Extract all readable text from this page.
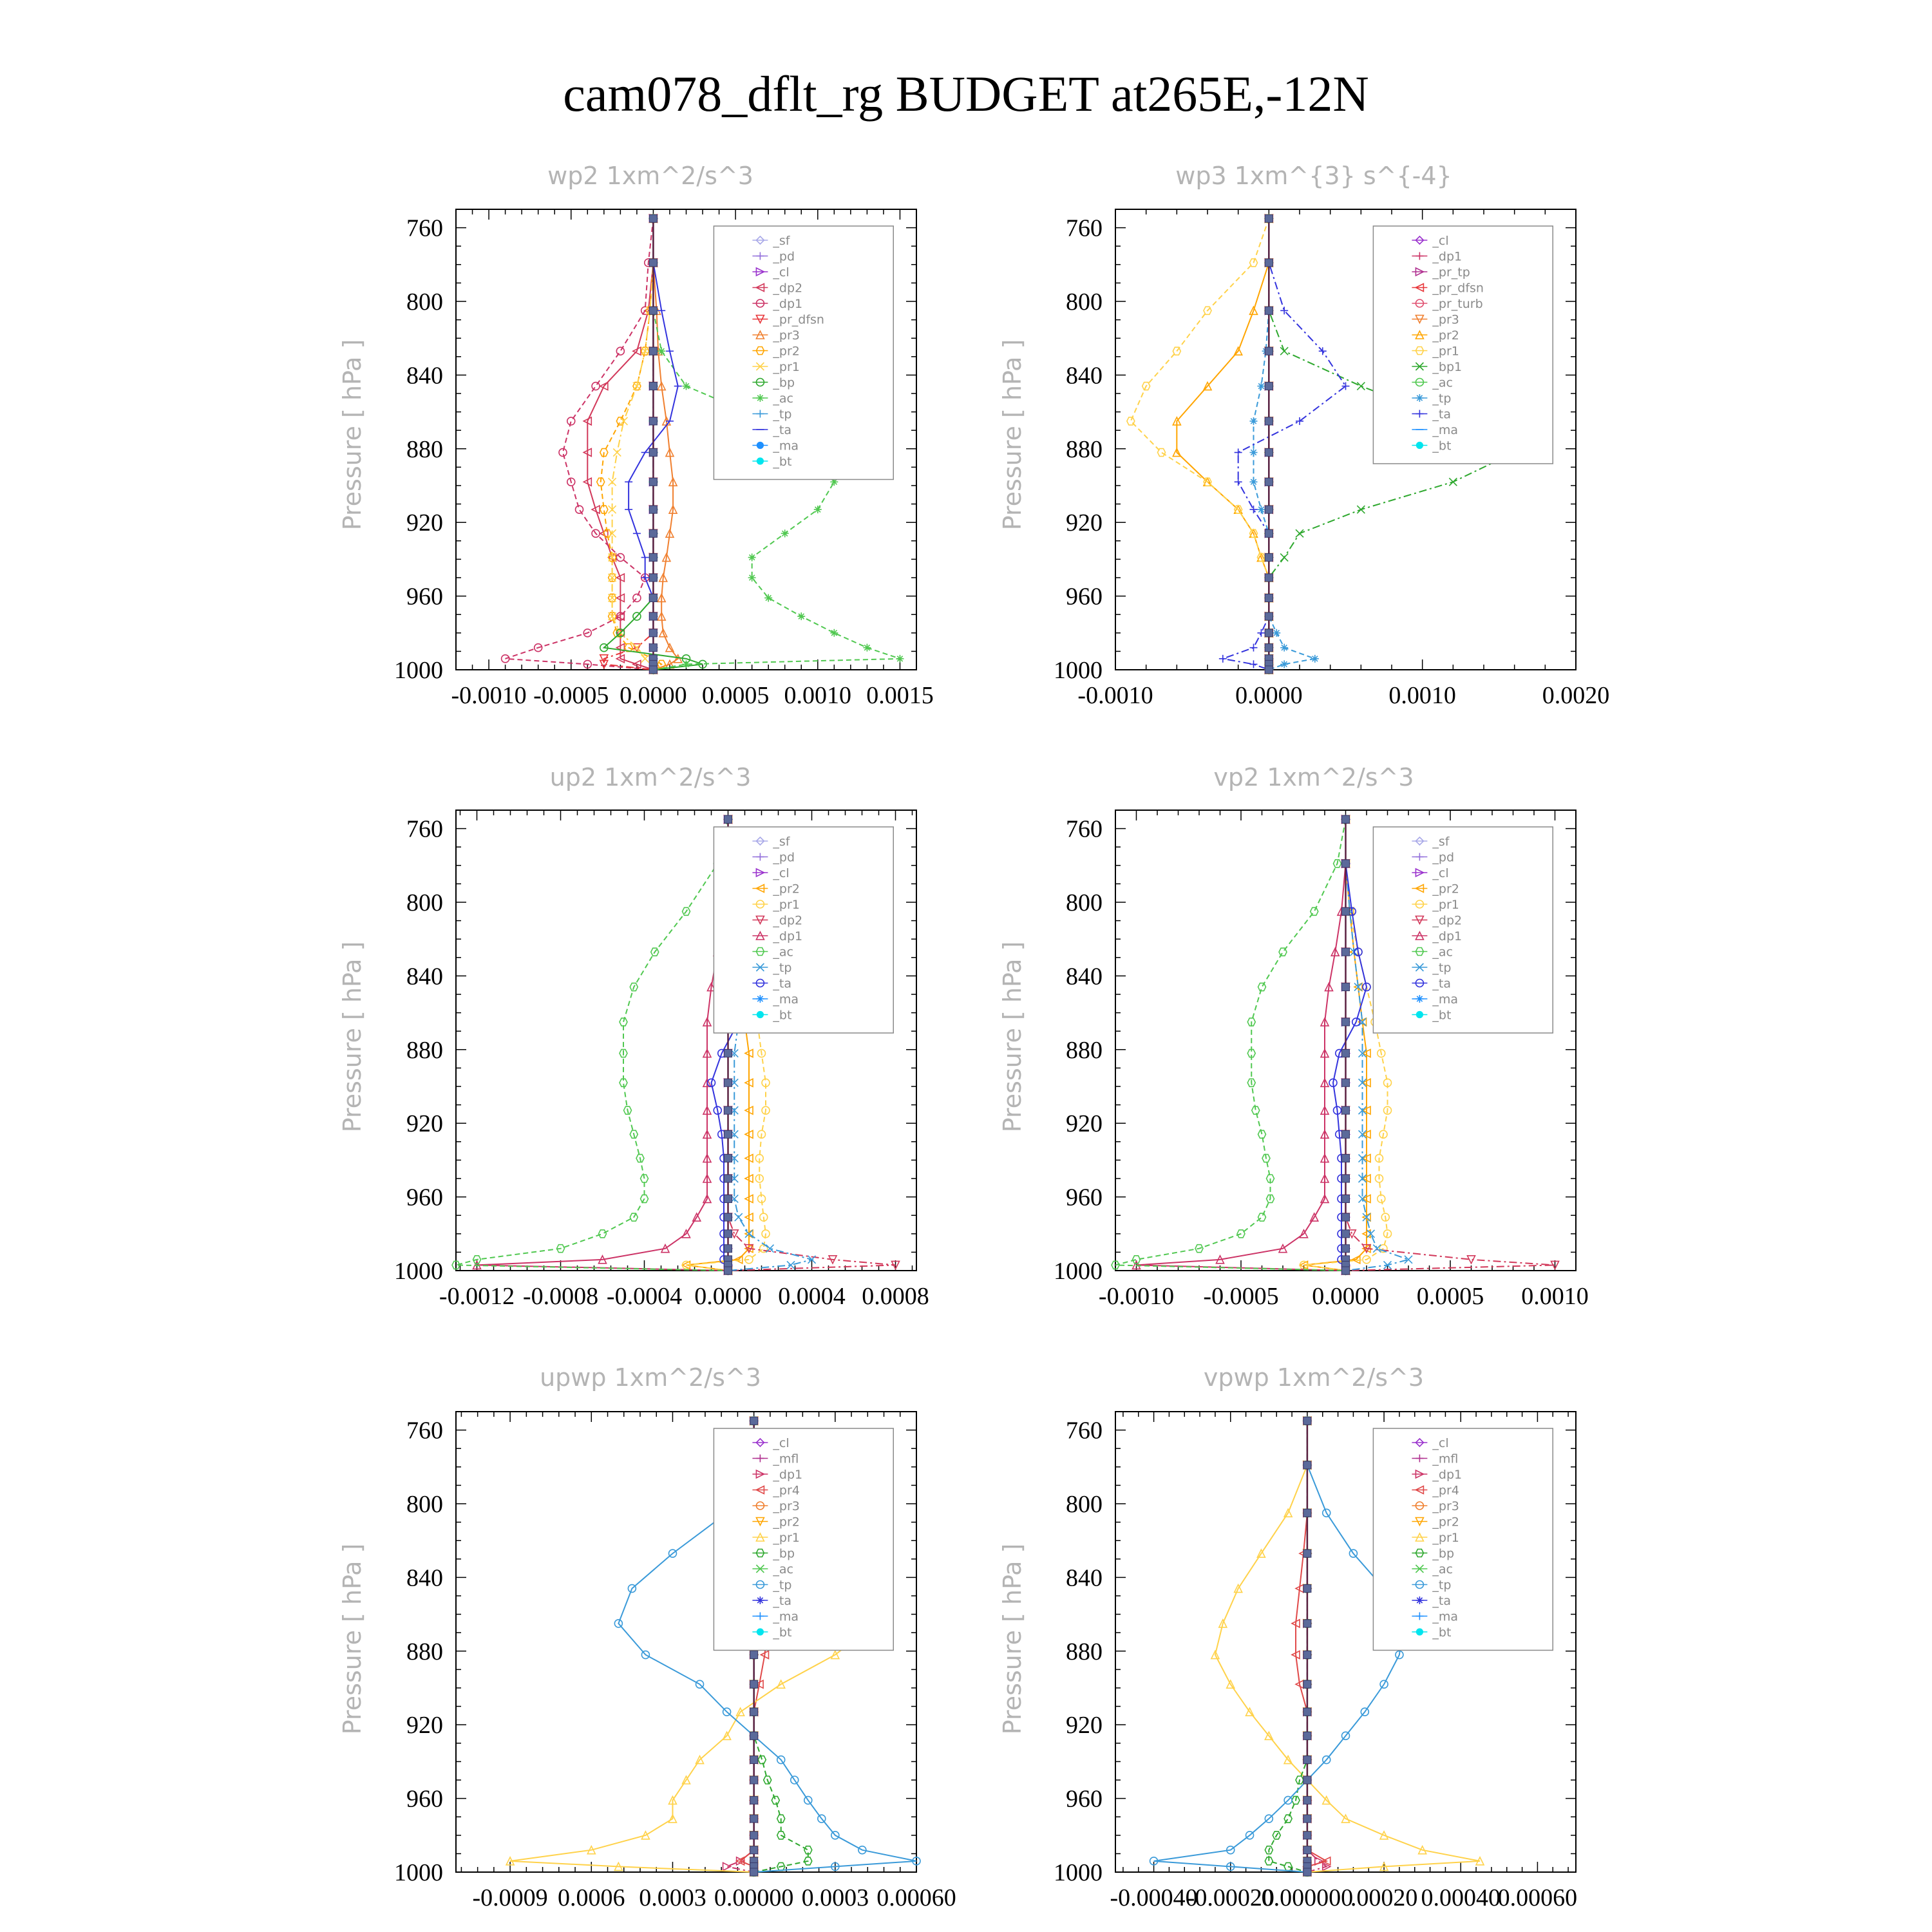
cam078_dflt_rg BUDGET at265E,-12N
wp2 1xm^2/s^3
Pressure [ hPa ]
wp3 1xm^{3} s^{-4}
Pressure [ hPa ]
up2 1xm^2/s^3
Pressure [ hPa ]
vp2 1xm^2/s^3
Pressure [ hPa ]
upwp 1xm^2/s^3
Pressure [ hPa ]
vpwp 1xm^2/s^3
Pressure [ hPa ]
760
800
840
880
920
960
1000
-0.0010 -0.0005 0.0000 0.0005 0.0010 0.0015
_sf
_pd
_cl
_dp2
_dp1
_pr_dfsn
_pr3
_pr2
_pr1
_bp
_ac
_tp
_ta
_ma
_bt
760
800
840
880
920
960
1000
-0.0010	0.0000	0.0010	0.0020
_cl
_dp1
_pr_tp
_pr_dfsn
_pr_turb
_pr3
_pr2
_pr1
_bp1
_ac
_tp
_ta
_ma
_bt
760
800
840
880
920
960
1000
-0.0012 -0.0008 -0.0004 0.0000 0.0004 0.0008
_sf
_pd
_cl
_pr2
_pr1
_dp2
_dp1
_ac
_tp
_ta
_ma
_bt
760
800
840
880
920
960
1000
-0.0010 -0.0005 0.0000 0.0005 0.0010
_sf
_pd
_cl
_pr2
_pr1
_dp2
_dp1
_ac
_tp
_ta
_ma
_bt
760
800
840
880
920
960
1000
-0.0009 0.0006 0.0003 0.00000 0.0003 0.00060
_cl
_mfl
_dp1
_pr4
_pr3
_pr2
_pr1
_bp
_ac
_tp
_ta
_ma
_bt
760
800
840
880
920
960
1000
-0.00040
-0.00020
0.000000
.00020 0.00040
0.00060
_cl
_mfl
_dp1
_pr4
_pr3
_pr2
_pr1
_bp
_ac
_tp
_ta
_ma
_bt
